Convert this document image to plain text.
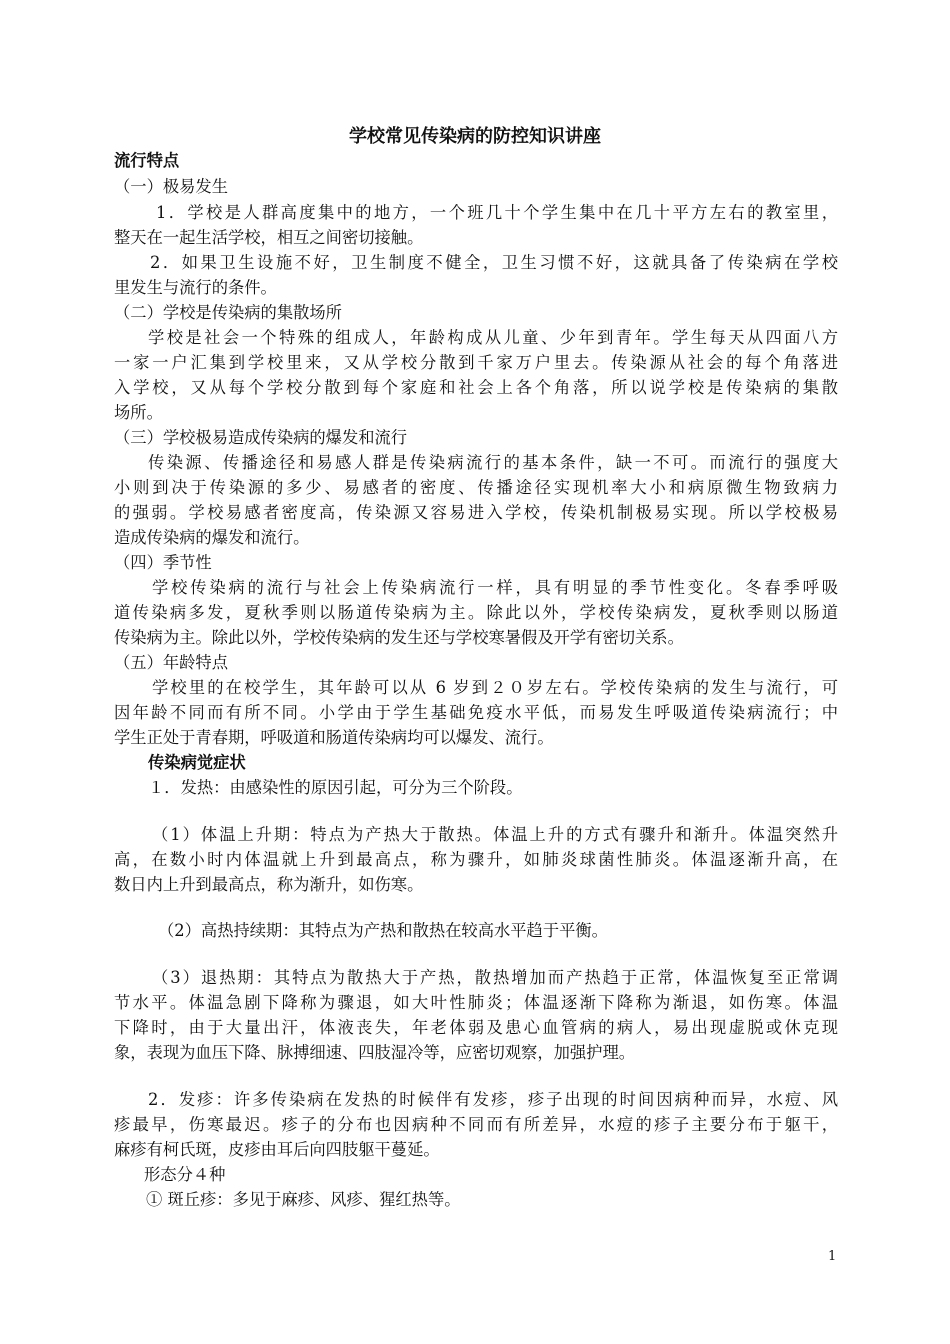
学校常见传染病的防控知识讲座
流行特点
（一）极易发生
1．学校是人群高度集中的地方，一个班几十个学生集中在几十平方左右的教室里，
整天在一起生活学校，相互之间密切接触。
2．如果卫生设施不好，卫生制度不健全，卫生习惯不好，这就具备了传染病在学校
里发生与流行的条件。
（二）学校是传染病的集散场所
学校是社会一个特殊的组成人，年龄构成从儿童、少年到青年。学生每天从四面八方
一家一户汇集到学校里来，又从学校分散到千家万户里去。传染源从社会的每个角落进
入学校，又从每个学校分散到每个家庭和社会上各个角落，所以说学校是传染病的集散
场所。
（三）学校极易造成传染病的爆发和流行
传染源、传播途径和易感人群是传染病流行的基本条件，缺一不可。而流行的强度大
小则到决于传染源的多少、易感者的密度、传播途径实现机率大小和病原微生物致病力
的强弱。学校易感者密度高，传染源又容易进入学校，传染机制极易实现。所以学校极易
造成传染病的爆发和流行。
（四）季节性
学校传染病的流行与社会上传染病流行一样，具有明显的季节性变化。冬春季呼吸
道传染病多发，夏秋季则以肠道传染病为主。除此以外，学校传染病发，夏秋季则以肠道
传染病为主。除此以外，学校传染病的发生还与学校寒暑假及开学有密切关系。
（五）年龄特点
学校里的在校学生，其年龄可以从 6 岁到２０岁左右。学校传染病的发生与流行，可
因年龄不同而有所不同。小学由于学生基础免疫水平低，而易发生呼吸道传染病流行；中
学生正处于青春期，呼吸道和肠道传染病均可以爆发、流行。
传染病觉症状
１．发热：由感染性的原因引起，可分为三个阶段。
（1）体温上升期：特点为产热大于散热。体温上升的方式有骤升和渐升。体温突然升
高，在数小时内体温就上升到最高点，称为骤升，如肺炎球菌性肺炎。体温逐渐升高，在
数日内上升到最高点，称为渐升，如伤寒。
（2）高热持续期：其特点为产热和散热在较高水平趋于平衡。
（3）退热期：其特点为散热大于产热，散热增加而产热趋于正常，体温恢复至正常调
节水平。体温急剧下降称为骤退，如大叶性肺炎；体温逐渐下降称为渐退，如伤寒。体温
下降时，由于大量出汗，体液丧失，年老体弱及患心血管病的病人，易出现虚脱或休克现
象，表现为血压下降、脉搏细速、四肢湿冷等，应密切观察，加强护理。
2．发疹：许多传染病在发热的时候伴有发疹，疹子出现的时间因病种而异，水痘、风
疹最早，伤寒最迟。疹子的分布也因病种不同而有所差异，水痘的疹子主要分布于躯干，
麻疹有柯氏斑，皮疹由耳后向四肢躯干蔓延。
形态分４种
① 斑丘疹：多见于麻疹、风疹、猩红热等。
1
